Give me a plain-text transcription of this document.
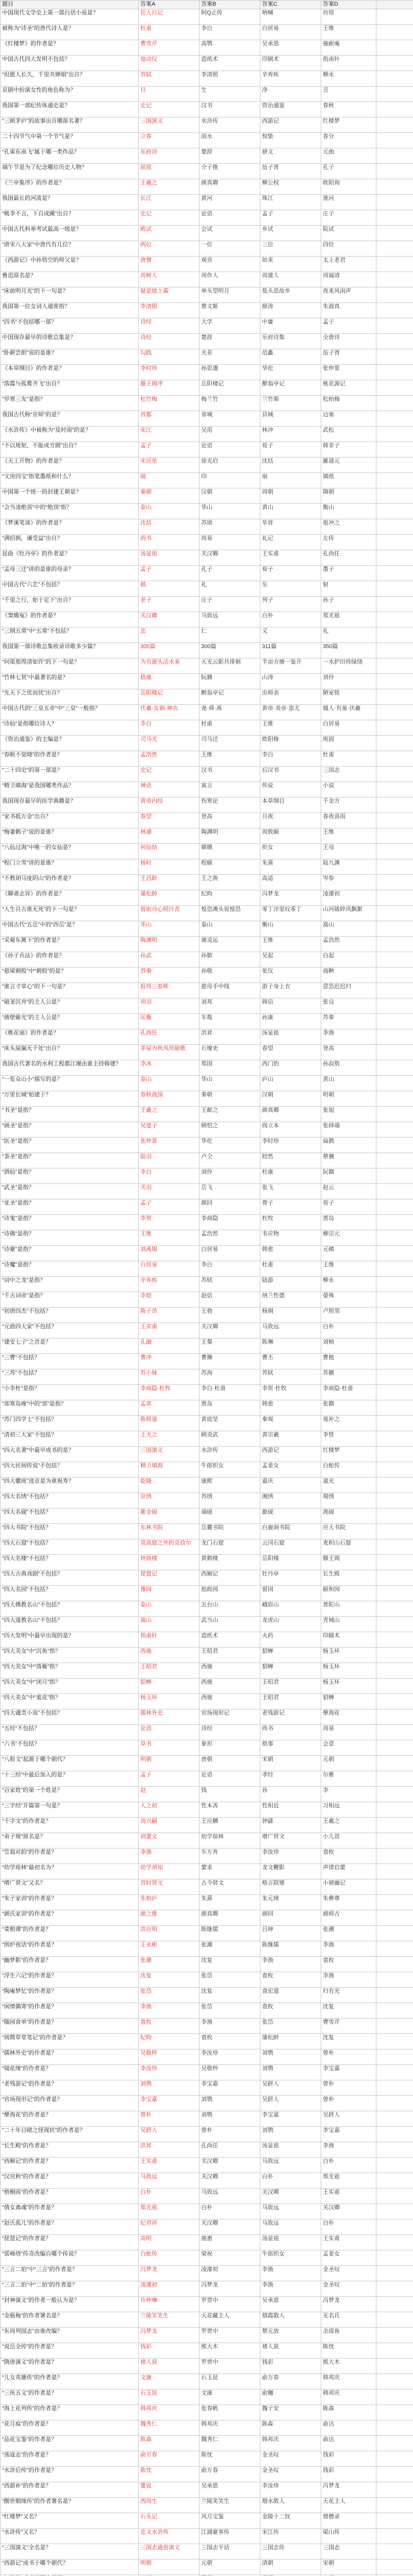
题目	答案A	答案B	答案C	答案D	
中国现代文学史上第一部白话小说是？	狂人日记	阿Q正传	呐喊	彷徨	
被称为“诗圣”的唐代诗人是？	杜甫	李白	白居易	王维	
《红楼梦》的作者是？	曹雪芹	高鹗	吴承恩	施耐庵	
中国古代四大发明不包括？	地动仪	造纸术	印刷术	指南针	
“但愿人长久，千里共婵娟”出自？	苏轼	李清照	辛弃疾	柳永	
京剧中扮演女性的角色称为？	旦	生	净	丑	
我国第一部纪传体通史是？	史记	汉书	资治通鉴	春秋	
“三顾茅庐”的故事出自哪部名著？	三国演义	水浒传	西游记	红楼梦	
二十四节气中第一个节气是？	立春	雨水	惊蛰	春分	
“孔雀东南飞”属于哪一类作品？	乐府诗	楚辞	骈文	元曲	
端午节是为了纪念哪位历史人物？	屈原	介子推	伍子胥	孔子	
《兰亭集序》的作者是？	王羲之	颜真卿	柳公权	欧阳询	
我国最长的河流是？	长江	黄河	珠江	淮河	
“桃李不言，下自成蹊”出自？	史记	论语	孟子	庄子	
中国古代科举考试最高一级是？	殿试	会试	乡试	院试	
“唐宋八大家”中唐代有几位？	两位	一位	三位	四位	
《西游记》中孙悟空的师父是？	唐僧	观音	如来	太上老君	
鲁迅原名是？	周树人	周作人	周建人	周福清	
“床前明月光”的下一句是？	疑是地上霜	举头望明月	低头思故乡	夜来风雨声	
我国第一位女词人通常指？	李清照	蔡文姬	薛涛	朱淑真	
“四书”不包括哪一部？	诗经	大学	中庸	孟子	
中国现存最早的诗歌总集是？	诗经	楚辞	乐府诗集	全唐诗	
“卧薪尝胆”说的是谁？	勾践	夫差	范蠡	伍子胥	
《本草纲目》的作者是？	李时珍	孙思邈	华佗	张仲景	
“落霞与孤鹜齐飞”出自？	滕王阁序	岳阳楼记	醉翁亭记	桃花源记	
“岁寒三友”是指？	松竹梅	梅兰竹	兰竹菊	松柏梅	
我国古代称“京师”的是？	首都	省城	县城	边塞	
《水浒传》中被称为“及时雨”的是？	宋江	吴用	林冲	武松	
“不以规矩，不能成方圆”出自？	孟子	论语	荀子	韩非子	
《天工开物》的作者是？	宋应星	徐光启	沈括	郦道元	
“文房四宝”指笔墨纸和什么？	砚	印	扇	镇纸	
中国第一个统一的封建王朝是？	秦朝	汉朝	周朝	隋朝	
“会当凌绝顶”中的“绝顶”指？	泰山	华山	黄山	衡山	
《梦溪笔谈》的作者是？	沈括	苏颂	毕昇	祖冲之	
“满招损，谦受益”出自？	尚书	周易	礼记	左传	
昆曲《牡丹亭》的作者是？	汤显祖	关汉卿	王实甫	孔尚任	
“孟母三迁”讲的是谁的母亲？	孟子	孔子	荀子	墨子	
中国古代“六艺”不包括？	棋	礼	乐	射	
“千里之行，始于足下”出自？	老子	庄子	列子	孙子	
《窦娥冤》的作者是？	关汉卿	马致远	白朴	郑光祖	
“三纲五常”中“五常”不包括？	忠	仁	义	礼	
我国第一部诗歌总集收录诗歌多少篇？	305篇	300篇	311篇	350篇	
“问渠那得清如许”的下一句是？	为有源头活水来	天光云影共徘徊	半亩方塘一鉴开	一水护田将绿绕	
“竹林七贤”中最著名的是？	嵇康	阮籍	山涛	刘伶	
“先天下之忧而忧”出自？	岳阳楼记	醉翁亭记	出师表	陋室铭	
中国古代的“三皇五帝”中“三皇”一般指？	伏羲·女娲·神农	尧·舜·禹	黄帝·炎帝·蚩尤	燧人·有巢·伏羲	
“诗仙”是指哪位诗人？	李白	杜甫	王维	白居易	
《资治通鉴》的主编是？	司马光	司马迁	欧阳修	班固	
“春眠不觉晓”的作者是？	孟浩然	王维	李白	杜甫	
“二十四史”的第一部是？	史记	汉书	后汉书	三国志	
“精卫填海”是我国哪类作品？	神话	寓言	传说	小说	
我国现存最早的医学典籍是？	黄帝内经	伤寒论	本草纲目	千金方	
“家书抵万金”出自？	春望	登高	月夜	春夜喜雨	
“梅妻鹤子”说的是谁？	林逋	陶渊明	周敦颐	王维	
“八仙过海”中唯一的女仙是？	何仙姑	嫦娥	织女	王母	
“程门立雪”讲的是谁？	杨时	程颐	朱熹	陆九渊	
“不教胡马度阴山”的作者是？	王昌龄	王之涣	高适	岑参	
《聊斋志异》的作者是？	蒲松龄	纪昀	冯梦龙	凌濛初	
“人生自古谁无死”的下一句是？	留取丹心照汗青	惶恐滩头说惶恐	零丁洋里叹零丁	山河破碎风飘絮	
中国古代“五岳”中的“西岳”是？	华山	泰山	衡山	嵩山	
“采菊东篱下”的作者是？	陶渊明	谢灵运	王维	孟浩然	
《孙子兵法》的作者是？	孙武	孙膑	吴起	白起	
“悬梁刺股”中“刺股”的是？	苏秦	孙敬	张仪	商鞅	
“谁言寸草心”的下一句是？	报得三春晖	慈母手中线	游子身上衣	意恐迟迟归	
“破釜沉舟”的主人公是？	项羽	刘邦	韩信	张良	
“凿壁偷光”的主人公是？	匡衡	车胤	孙康	苏秦	
《桃花扇》的作者是？	孔尚任	洪昇	汤显祖	李渔	
“床头屋漏无干处”出自？	茅屋为秋风所破歌	石壕吏	春望	登高	
我国古代著名的水利工程都江堰由谁主持修建？	李冰	郑国	西门豹	孙叔敖	
“一览众山小”描写的是？	泰山	华山	庐山	黄山	
“万里长城”始建于？	春秋战国	秦朝	汉朝	明朝	
“书圣”是指？	王羲之	王献之	颜真卿	张旭	
“画圣”是指？	吴道子	顾恺之	阎立本	张择端	
“医圣”是指？	张仲景	华佗	李时珍	扁鹊	
“茶圣”是指？	陆羽	卢仝	皎然	蔡襄	
“酒仙”是指？	李白	刘伶	杜康	阮籍	
“武圣”是指？	关羽	岳飞	张飞	赵云	
“亚圣”是指？	孟子	颜回	曾子	荀子	
“诗鬼”是指？	李贺	李商隐	杜牧	贾岛	
“诗佛”是指？	王维	孟浩然	韦应物	柳宗元	
“诗豪”是指？	刘禹锡	白居易	韩愈	元稹	
“诗魔”是指？	白居易	李白	杜甫	王维	
“词中之龙”是指？	辛弃疾	苏轼	陆游	柳永	
“千古词帝”是指？	李煜	赵佶	纳兰性德	晏殊	
“初唐四杰”不包括？	陈子昂	王勃	杨炯	卢照邻	
“元曲四大家”不包括？	王实甫	关汉卿	马致远	白朴	
“建安七子”之首是？	孔融	王粲	陈琳	刘桢	
“三曹”不包括？	曹冲	曹操	曹丕	曹植	
“三苏”不包括？	苏小妹	苏洵	苏轼	苏辙	
“小李杜”是指？	李商隐·杜牧	李白·杜甫	李贺·杜牧	李商隐·杜甫	
“郊寒岛瘦”中的“郊”是指？	孟郊	贾岛	韩愈	张籍	
“苏门四学士”不包括？	陈师道	黄庭坚	秦观	晁补之	
“清初三大家”不包括？	王夫之	顾炎武	黄宗羲	李贽	
“四大名著”中最早成书的是？	三国演义	水浒传	西游记	红楼梦	
“四大民间传说”不包括？	精卫填海	牛郎织女	孟姜女	白蛇传	
“四大徽班”进京是为谁祝寿？	乾隆	康熙	嘉庆	道光	
“四大名绣”不包括？	京绣	苏绣	湘绣	蜀绣	
“四大名砚”不包括？	紫金砚	端砚	歙砚	洮砚	
“四大书院”不包括？	东林书院	岳麓书院	白鹿洞书院	应天书院	
“四大石窟”不包括？	莫高窟之外的克孜尔	龙门石窟	云冈石窟	麦积山石窟	
“四大名楼”不包括？	钟鼓楼	黄鹤楼	岳阳楼	滕王阁	
“四大古典戏剧”不包括？	琵琶记	西厢记	牡丹亭	长生殿	
“四大名园”不包括？	豫园	拙政园	留园	颐和园	
“四大佛教名山”不包括？	泰山	五台山	峨眉山	普陀山	
“四大道教名山”不包括？	嵩山	武当山	龙虎山	青城山	
“四大发明”中最早出现的是？	指南针	造纸术	火药	印刷术	
“四大美女”中“沉鱼”指？	西施	王昭君	貂蝉	杨玉环	
“四大美女”中“落雁”指？	王昭君	西施	貂蝉	杨玉环	
“四大美女”中“闭月”指？	貂蝉	西施	王昭君	杨玉环	
“四大美女”中“羞花”指？	杨玉环	西施	王昭君	貂蝉	
“四大谴责小说”不包括？	儒林外史	官场现形记	老残游记	孽海花	
“五经”不包括？	论语	诗经	尚书	周易	
“六书”不包括？	草书	象形	指事	会意	
“八股文”起源于哪个朝代？	明朝	唐朝	宋朝	元朝	
“十三经”中最后加入的是？	孟子	论语	孝经	尔雅	
“百家姓”的第一个姓是？	赵	钱	孙	李	
“三字经”开篇第一句是？	人之初	性本善	性相近	习相远	
“千字文”的作者是？	周兴嗣	王应麟	钟繇	王羲之	
“弟子规”原名是？	训蒙文	幼学琼林	增广贤文	小儿语	
“笠翁对韵”的作者是？	李渔	车万育	李汝珍	袁枚	
“幼学琼林”最初名为？	幼学须知	蒙求	龙文鞭影	声律启蒙	
“增广贤文”又名？	昔时贤文	古今贤文	格言联璧	小窗幽记	
“朱子家训”的作者是？	朱柏庐	朱熹	朱元璋	朱彝尊	
“颜氏家训”的作者是？	颜之推	颜真卿	颜回	颜师古	
“菜根谭”的作者是？	洪应明	陈继儒	吕坤	张潮	
“围炉夜话”的作者是？	王永彬	张潮	陈继儒	李渔	
“幽梦影”的作者是？	张潮	沈复	李渔	袁枚	
“浮生六记”的作者是？	沈复	张岱	袁枚	李渔	
“陶庵梦忆”的作者是？	张岱	沈复	袁宏道	归有光	
“闲情偶寄”的作者是？	李渔	张岱	袁枚	沈复	
“随园食单”的作者是？	袁枚	李渔	张岱	曹雪芹	
“阅微草堂笔记”的作者是？	纪昀	袁枚	蒲松龄	沈复	
“儒林外史”的作者是？	吴敬梓	李汝珍	刘鹗	曾朴	
“镜花缘”的作者是？	李汝珍	吴敬梓	刘鹗	李宝嘉	
“老残游记”的作者是？	刘鹗	李宝嘉	吴趼人	曾朴	
“官场现形记”的作者是？	李宝嘉	刘鹗	吴趼人	曾朴	
“孽海花”的作者是？	曾朴	刘鹗	李宝嘉	吴趼人	
“二十年目睹之怪现状”的作者是？	吴趼人	曾朴	刘鹗	李宝嘉	
“长生殿”的作者是？	洪昇	孔尚任	汤显祖	李渔	
“西厢记”的作者是？	王实甫	关汉卿	马致远	白朴	
“汉宫秋”的作者是？	马致远	关汉卿	白朴	郑光祖	
“梧桐雨”的作者是？	白朴	马致远	关汉卿	王实甫	
“倩女离魂”的作者是？	郑光祖	白朴	马致远	关汉卿	
“赵氏孤儿”的作者是？	纪君祥	关汉卿	马致远	白朴	
“琵琶记”的作者是？	高明	施惠	汤显祖	王实甫	
“雷峰塔”传奇改编自哪个传说？	白蛇传	梁祝	牛郎织女	孟姜女	
“三言二拍”中“三言”的作者是？	冯梦龙	凌濛初	李渔	金圣叹	
“三言二拍”中“二拍”的作者是？	凌濛初	冯梦龙	李渔	金圣叹	
“封神演义”的作者一般认为是？	许仲琳	罗贯中	吴承恩	冯梦龙	
“金瓶梅”的作者署名是？	兰陵笑笑生	天花藏主人	烟霞散人	无名氏	
“东周列国志”由谁改编？	冯梦龙	罗贯中	蔡元放	余邵鱼	
“说岳全传”的作者是？	钱彩	熊大木	褚人获	陈忱	
“隋唐演义”的作者是？	褚人获	罗贯中	钱彩	熊大木	
“儿女英雄传”的作者是？	文康	石玉昆	俞万春	韩邦庆	
“三侠五义”的作者是？	石玉昆	文康	俞樾	韩邦庆	
“海上花列传”的作者是？	韩邦庆	张春帆	魏子安	陈森	
“花月痕”的作者是？	魏秀仁	韩邦庆	陈森	俞达	
“品花宝鉴”的作者是？	陈森	魏秀仁	韩邦庆	俞达	
“荡寇志”的作者是？	俞万春	陈忱	金圣叹	钱彩	
“水浒后传”的作者是？	陈忱	俞万春	金圣叹	钱彩	
“西游补”的作者是？	董说	吴承恩	李汝珍	冯梦龙	
“醒世姻缘传”的作者署名是？	西周生	兰陵笑笑生	烟水散人	天花主人	
“红楼梦”又名？	石头记	风月宝鉴	金陵十二钗	情僧录	
“水浒传”又名？	忠义水浒传	江湖豪客传	宋江传	梁山传	
“三国演义”全名是？	三国志通俗演义	三国志平话	三国志传	三国志	
“西游记”成书于哪个朝代？	明朝	元朝	清朝	宋朝	
